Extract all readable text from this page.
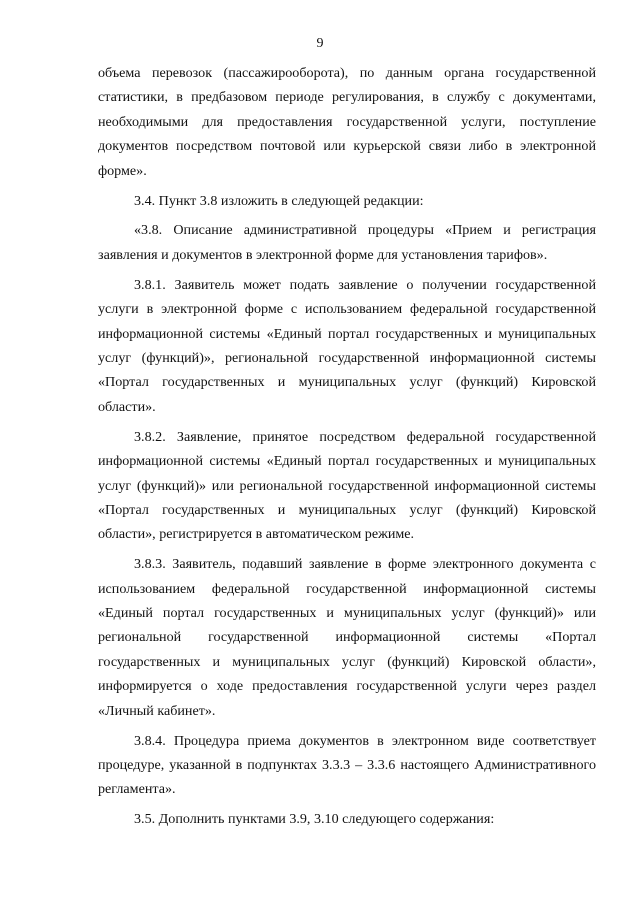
9

объема перевозок (пассажирооборота), по данным органа государственной статистики, в предбазовом периоде регулирования, в службу с документами, необходимыми для предоставления государственной услуги, поступление документов посредством почтовой или курьерской связи либо в электронной форме».

3.4. Пункт 3.8 изложить в следующей редакции:

«3.8. Описание административной процедуры «Прием и регистрация заявления и документов в электронной форме для установления тарифов».

3.8.1. Заявитель может подать заявление о получении государственной услуги в электронной форме с использованием федеральной государственной информационной системы «Единый портал государственных и муниципальных услуг (функций)», региональной государственной информационной системы «Портал государственных и муниципальных услуг (функций) Кировской области».

3.8.2. Заявление, принятое посредством федеральной государственной информационной системы «Единый портал государственных и муниципальных услуг (функций)» или региональной государственной информационной системы «Портал государственных и муниципальных услуг (функций) Кировской области», регистрируется в автоматическом режиме.

3.8.3. Заявитель, подавший заявление в форме электронного документа с использованием федеральной государственной информационной системы «Единый портал государственных и муниципальных услуг (функций)» или региональной государственной информационной системы «Портал государственных и муниципальных услуг (функций) Кировской области», информируется о ходе предоставления государственной услуги через раздел «Личный кабинет».

3.8.4. Процедура приема документов в электронном виде соответствует процедуре, указанной в подпунктах 3.3.3 – 3.3.6 настоящего Административного регламента».

3.5. Дополнить пунктами 3.9, 3.10 следующего содержания:
